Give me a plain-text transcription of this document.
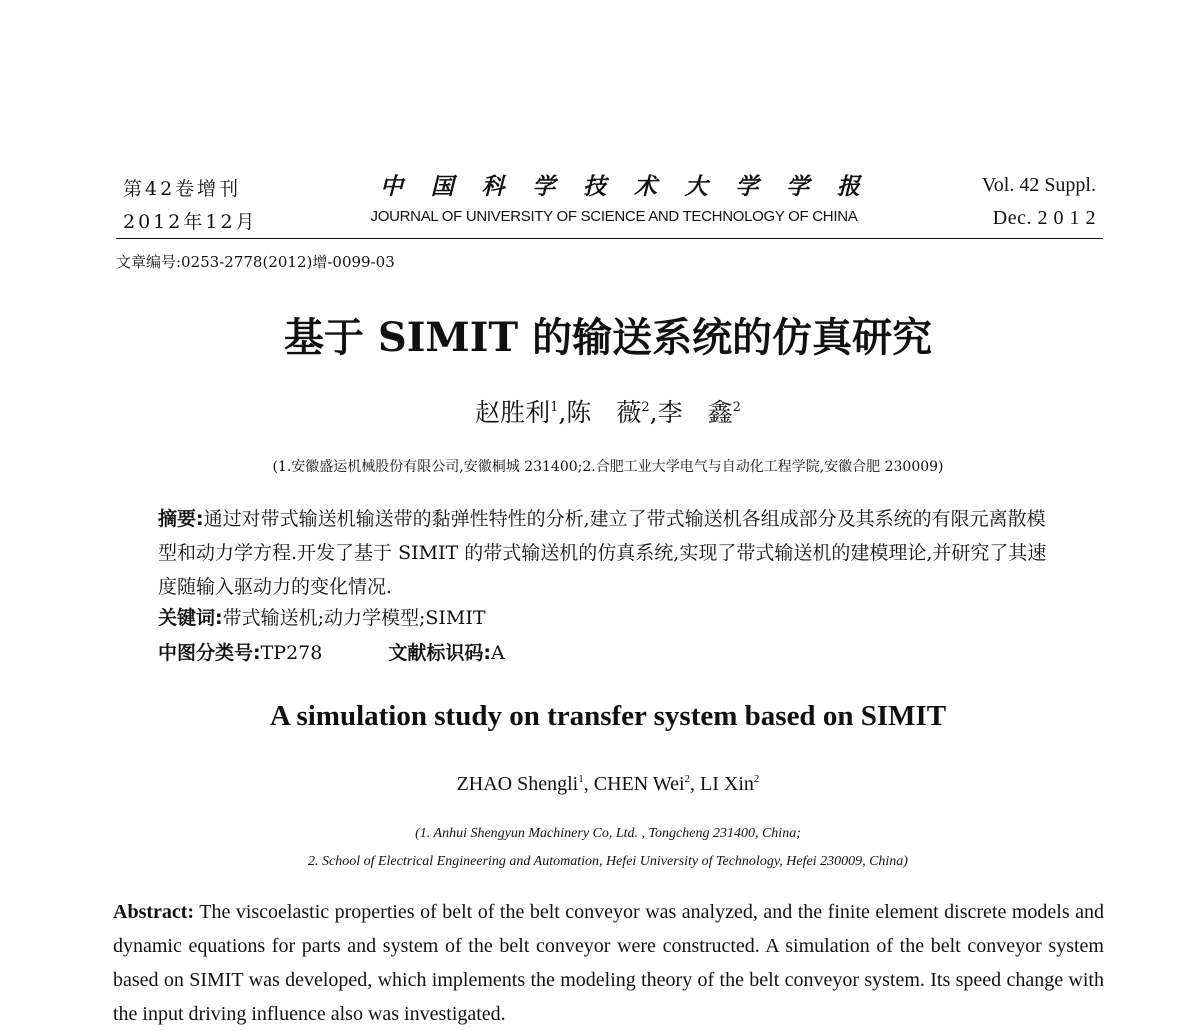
第42卷增刊
2012年12月
中 国 科 学 技 术 大 学 学 报
JOURNAL OF UNIVERSITY OF SCIENCE AND TECHNOLOGY OF CHINA
Vol. 42 Suppl.
Dec. 2 0 1 2
文章编号:0253-2778(2012)增-0099-03
基于 SIMIT 的输送系统的仿真研究
赵胜利$^1$,陈　薇$^2$,李　鑫$^2$
(1.安徽盛运机械股份有限公司,安徽桐城 231400;2.合肥工业大学电气与自动化工程学院,安徽合肥 230009)
摘要:通过对带式输送机输送带的黏弹性特性的分析,建立了带式输送机各组成部分及其系统的有限元离散模型和动力学方程.开发了基于 SIMIT 的带式输送机的仿真系统,实现了带式输送机的建模理论,并研究了其速度随输入驱动力的变化情况.
关键词:带式输送机;动力学模型;SIMIT
中图分类号:TP278	文献标识码:A
A simulation study on transfer system based on SIMIT
ZHAO Shengli$^1$, CHEN Wei$^2$, LI Xin$^2$
(1. Anhui Shengyun Machinery Co, Ltd. , Tongcheng 231400, China;
2. School of Electrical Engineering and Automation, Hefei University of Technology, Hefei 230009, China)
Abstract: The viscoelastic properties of belt of the belt conveyor was analyzed, and the finite element discrete models and dynamic equations for parts and system of the belt conveyor were constructed. A simulation of the belt conveyor system based on SIMIT was developed, which implements the modeling theory of the belt conveyor system. Its speed change with the input driving influence also was investigated.
